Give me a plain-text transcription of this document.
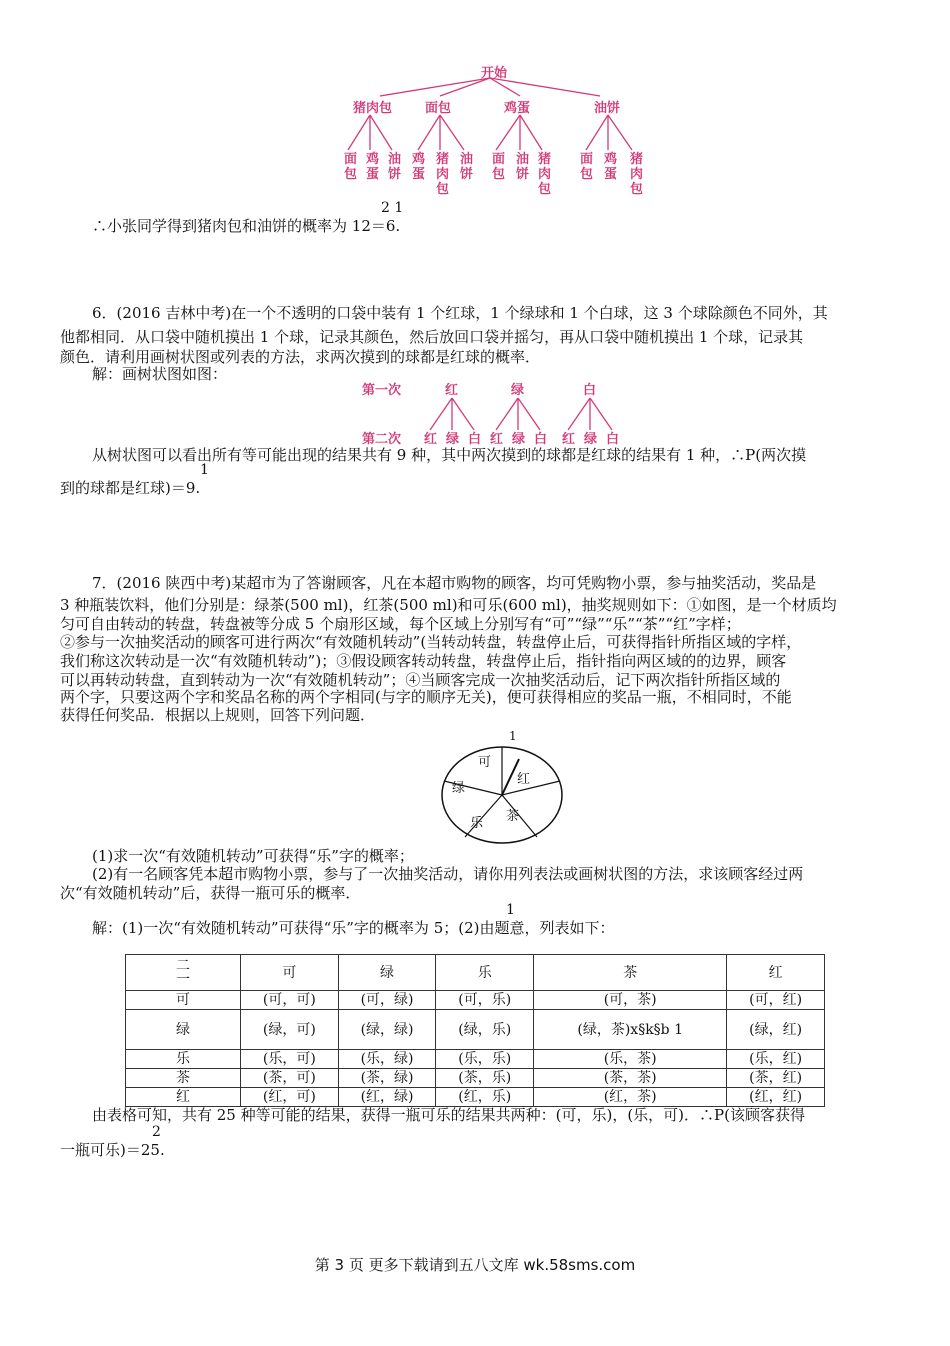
开始
猪肉包	面包	鸡蛋	油饼
面包
鸡蛋
油饼
鸡蛋
猪肉包
油饼
面包
油饼
猪肉包
面包
鸡蛋
猪肉包
2 1
∴小张同学得到猪肉包和油饼的概率为 12＝6.
6．(2016 吉林中考)在一个不透明的口袋中装有 1 个红球，1 个绿球和 1 个白球，这 3 个球除颜色不同外，其
他都相同．从口袋中随机摸出 1 个球，记录其颜色，然后放回口袋并摇匀，再从口袋中随机摸出 1 个球，记录其
颜色．请利用画树状图或列表的方法，求两次摸到的球都是红球的概率．
解：画树状图如图：
第一次	红	绿	白
第二次 红 绿 白 红 绿 白 红 绿 白
从树状图可以看出所有等可能出现的结果共有 9 种，其中两次摸到的球都是红球的结果有 1 种，∴P(两次摸
1
到的球都是红球)＝9.
7．(2016 陕西中考)某超市为了答谢顾客，凡在本超市购物的顾客，均可凭购物小票，参与抽奖活动，奖品是
3 种瓶装饮料，他们分别是：绿茶(500 ml)，红茶(500 ml)和可乐(600 ml)，抽奖规则如下：①如图，是一个材质均
匀可自由转动的转盘，转盘被等分成 5 个扇形区域，每个区域上分别写有“可”“绿”“乐”“茶”“红”字样；
②参与一次抽奖活动的顾客可进行两次“有效随机转动”(当转动转盘，转盘停止后，可获得指针所指区域的字样，
我们称这次转动是一次“有效随机转动”)；③假设顾客转动转盘，转盘停止后，指针指向两区域的的边界，顾客
可以再转动转盘，直到转动为一次“有效随机转动”；④当顾客完成一次抽奖活动后，记下两次指针所指区域的
两个字，只要这两个字和奖品名称的两个字相同(与字的顺序无关)，便可获得相应的奖品一瓶，不相同时，不能
获得任何奖品．根据以上规则，回答下列问题．
1
可
红
茶
乐
绿
(1)求一次“有效随机转动”可获得“乐”字的概率；
(2)有一名顾客凭本超市购物小票，参与了一次抽奖活动，请你用列表法或画树状图的方法，求该顾客经过两
次“有效随机转动”后，获得一瓶可乐的概率．
1
解：(1)一次“有效随机转动”可获得“乐”字的概率为 5；(2)由题意，列表如下：
二
一	可	绿	乐	茶	红
可	(可，可)	(可，绿)	(可，乐)	(可，茶)	(可，红)
绿	(绿，可)	(绿，绿)	(绿，乐)	(绿，茶)x§k§b 1	(绿，红)
乐	(乐，可)	(乐，绿)	(乐，乐)	(乐，茶)	(乐，红)
茶	(茶，可)	(茶，绿)	(茶，乐)	(茶，茶)	(茶，红)
红	(红，可)	(红，绿)	(红，乐)	(红，茶)	(红，红)
由表格可知，共有 25 种等可能的结果，获得一瓶可乐的结果共两种：(可，乐)，(乐，可)．∴P(该顾客获得
2
一瓶可乐)＝25.
第 3 页 更多下载请到五八文库 wk.58sms.com
